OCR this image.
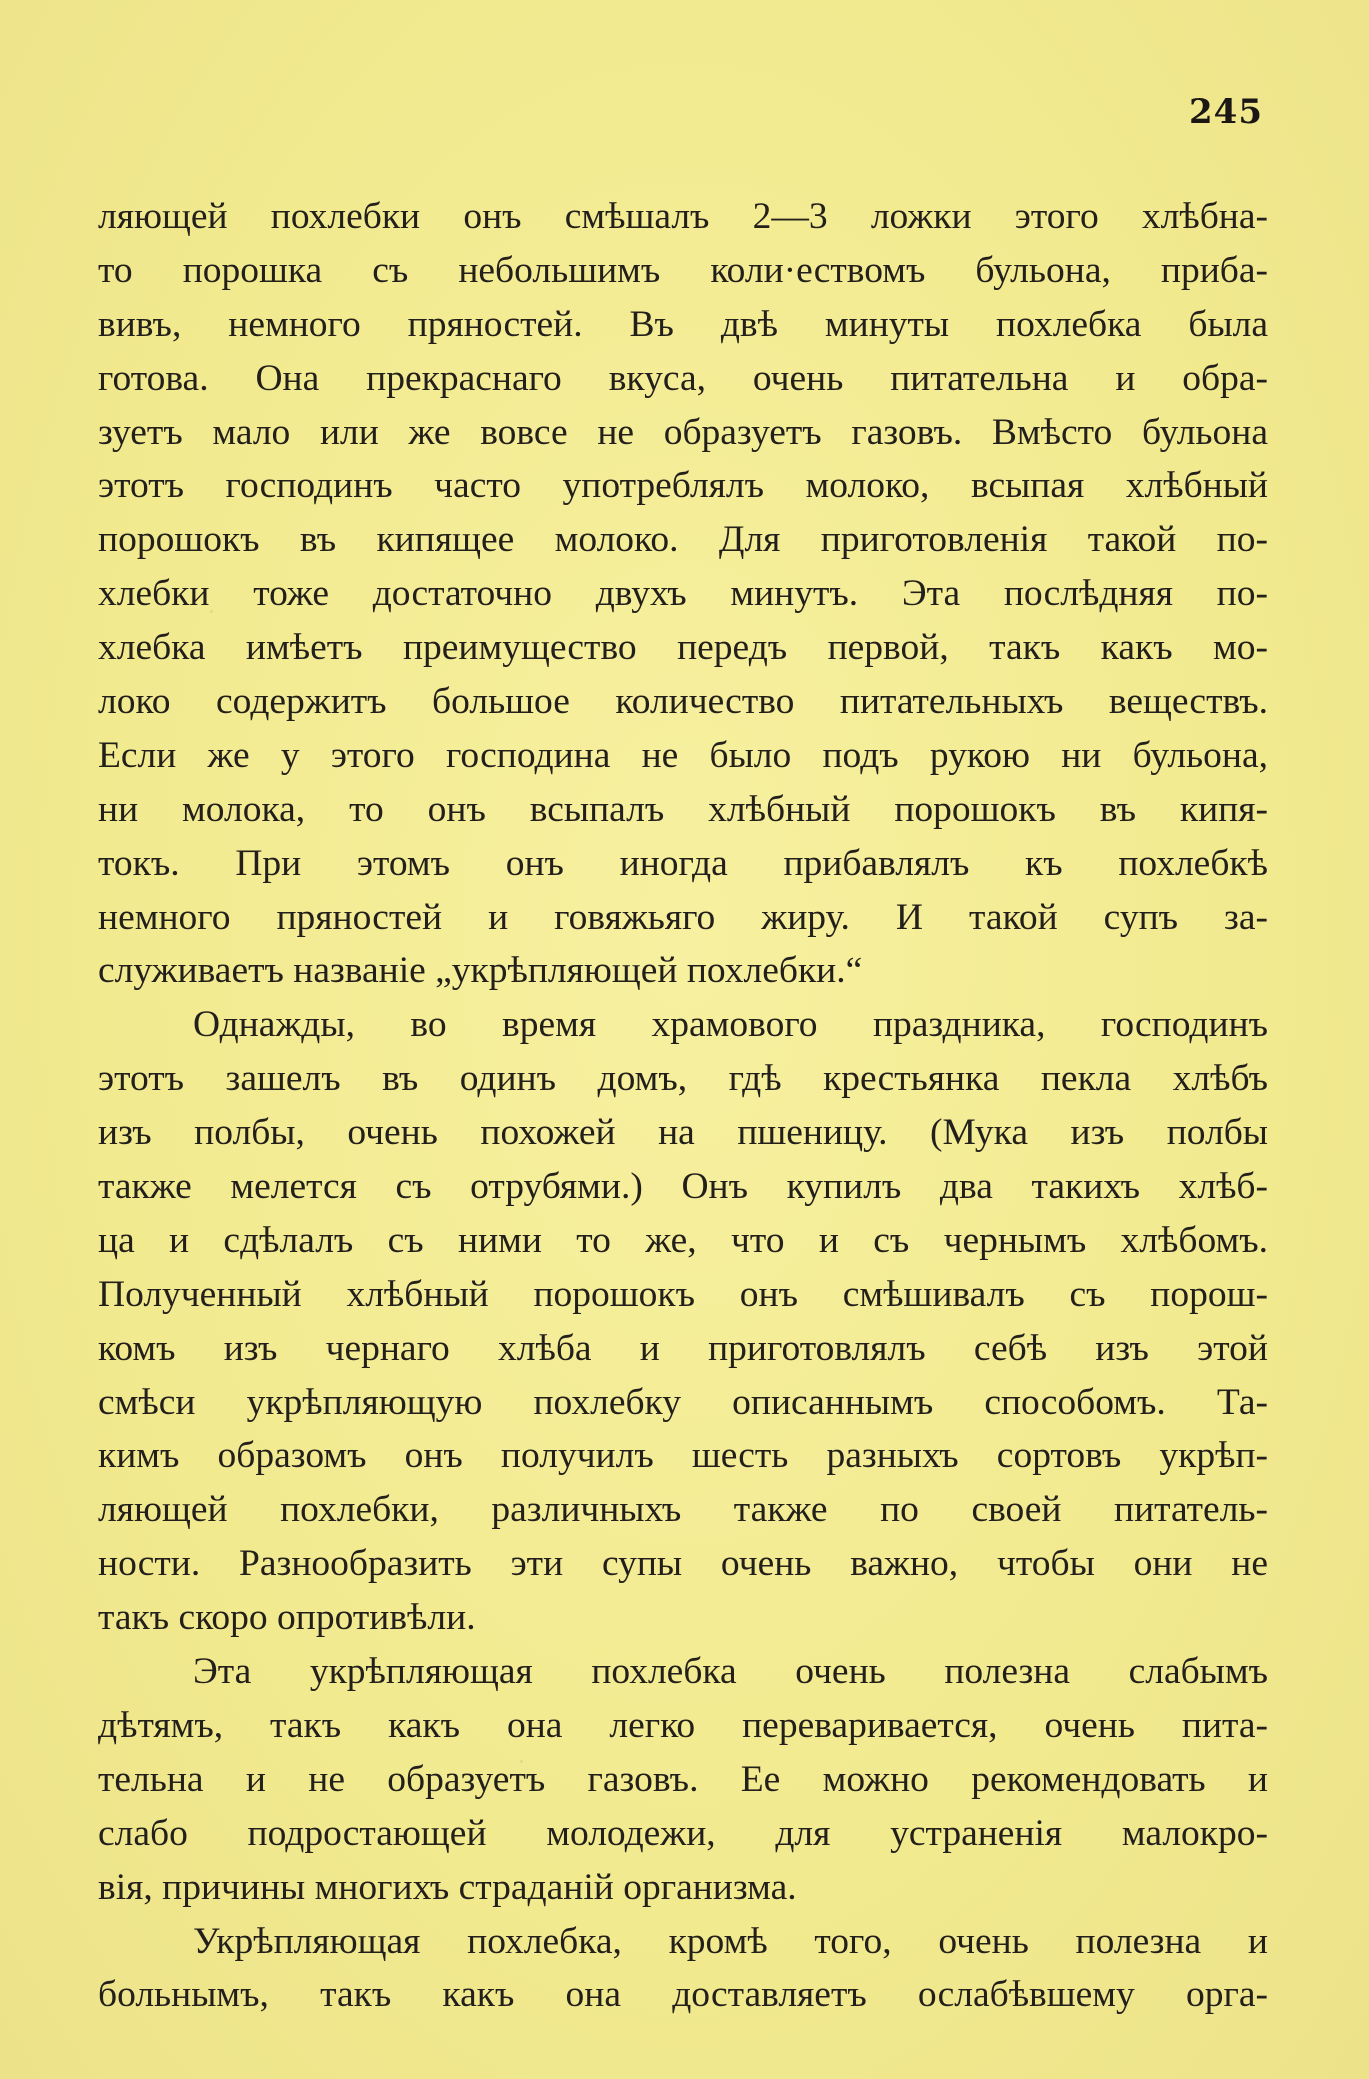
245
ляющей похлебки онъ смѣшалъ 2—3 ложки этого хлѣбна-
то порошка съ небольшимъ коли·ествомъ бульона, приба-
вивъ, немного пряностей. Въ двѣ минуты похлебка была
готова. Она прекраснаго вкуса, очень питательна и обра-
зуетъ мало или же вовсе не образуетъ газовъ. Вмѣсто бульона
этотъ господинъ часто употреблялъ молоко, всыпая хлѣбный
порошокъ въ кипящее молоко. Для приготовленія такой по-
хлебки тоже достаточно двухъ минутъ. Эта послѣдняя по-
хлебка имѣетъ преимущество передъ первой, такъ какъ мо-
локо содержитъ большое количество питательныхъ веществъ.
Если же у этого господина не было подъ рукою ни бульона,
ни молока, то онъ всыпалъ хлѣбный порошокъ въ кипя-
токъ. При этомъ онъ иногда прибавлялъ къ похлебкѣ
немного пряностей и говяжьяго жиру. И такой супъ за-
служиваетъ названіе „укрѣпляющей похлебки.“
Однажды, во время храмового праздника, господинъ
этотъ зашелъ въ одинъ домъ, гдѣ крестьянка пекла хлѣбъ
изъ полбы, очень похожей на пшеницу. (Мука изъ полбы
также мелется съ отрубями.) Онъ купилъ два такихъ хлѣб-
ца и сдѣлалъ съ ними то же, что и съ чернымъ хлѣбомъ.
Полученный хлѣбный порошокъ онъ смѣшивалъ съ порош-
комъ изъ чернаго хлѣба и приготовлялъ себѣ изъ этой
смѣси укрѣпляющую похлебку описаннымъ способомъ. Та-
кимъ образомъ онъ получилъ шесть разныхъ сортовъ укрѣп-
ляющей похлебки, различныхъ также по своей питатель-
ности. Разнообразить эти супы очень важно, чтобы они не
такъ скоро опротивѣли.
Эта укрѣпляющая похлебка очень полезна слабымъ
дѣтямъ, такъ какъ она легко переваривается, очень пита-
тельна и не образуетъ газовъ. Ее можно рекомендовать и
слабо подростающей молодежи, для устраненія малокро-
вія, причины многихъ страданій организма.
Укрѣпляющая похлебка, кромѣ того, очень полезна и
больнымъ, такъ какъ она доставляетъ ослабѣвшему орга-
